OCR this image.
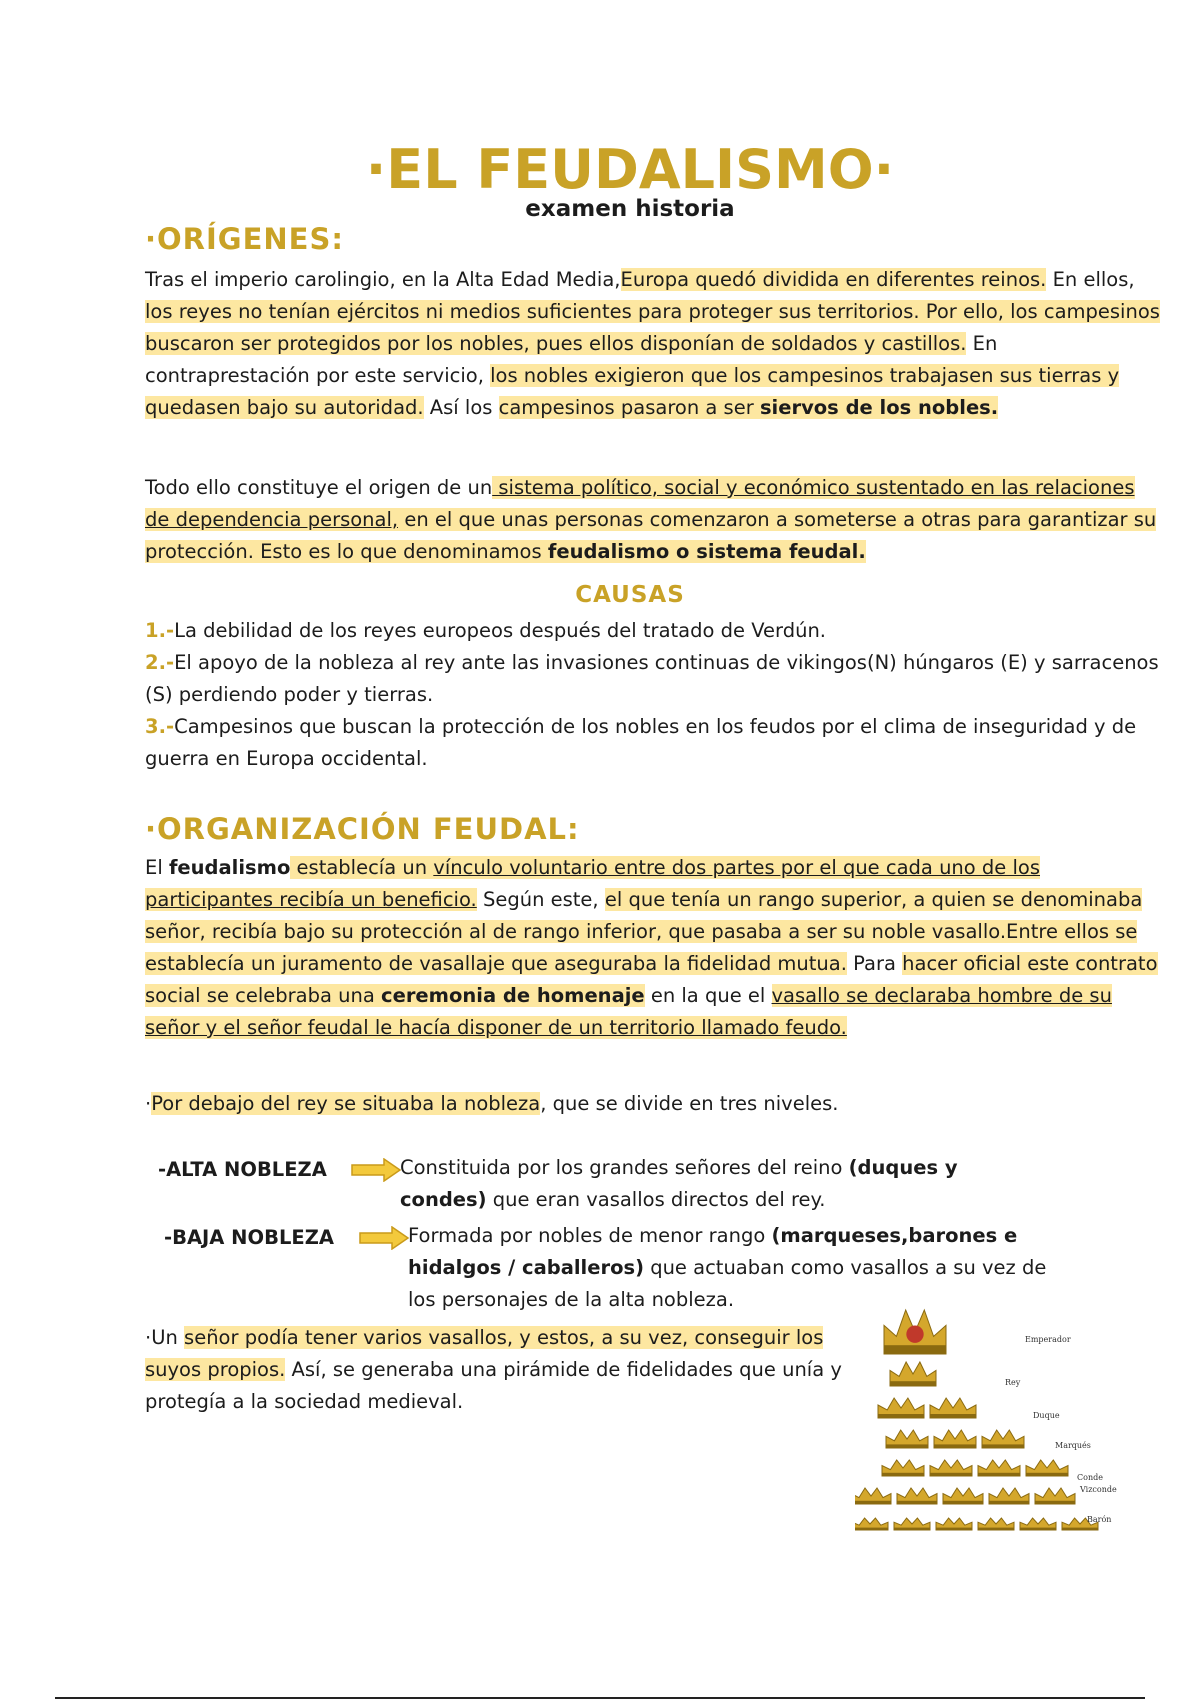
·EL FEUDALISMO·
examen historia
·ORÍGENES:
Tras el imperio carolingio, en la Alta Edad Media,Europa quedó dividida en diferentes reinos. En ellos, los reyes no tenían ejércitos ni medios suficientes para proteger sus territorios. Por ello, los campesinos buscaron ser protegidos por los nobles, pues ellos disponían de soldados y castillos. En contraprestación por este servicio, los nobles exigieron que los campesinos trabajasen sus tierras y quedasen bajo su autoridad. Así los campesinos pasaron a ser siervos de los nobles.
Todo ello constituye el origen de un sistema político, social y económico sustentado en las relaciones de dependencia personal, en el que unas personas comenzaron a someterse a otras para garantizar su protección. Esto es lo que denominamos feudalismo o sistema feudal.
CAUSAS
1.-La debilidad de los reyes europeos después del tratado de Verdún.
2.-El apoyo de la nobleza al rey ante las invasiones continuas de vikingos(N) húngaros (E) y sarracenos (S) perdiendo poder y tierras.
3.-Campesinos que buscan la protección de los nobles en los feudos por el clima de inseguridad y de guerra en Europa occidental.
·ORGANIZACIÓN FEUDAL:
El feudalismo establecía un vínculo voluntario entre dos partes por el que cada uno de los participantes recibía un beneficio. Según este, el que tenía un rango superior, a quien se denominaba señor, recibía bajo su protección al de rango inferior, que pasaba a ser su noble vasallo.Entre ellos se establecía un juramento de vasallaje que aseguraba la fidelidad mutua. Para hacer oficial este contrato social se celebraba una ceremonia de homenaje en la que el vasallo se declaraba hombre de su señor y el señor feudal le hacía disponer de un territorio llamado feudo.
·Por debajo del rey se situaba la nobleza, que se divide en tres niveles.
-ALTA NOBLEZA	Constituida por los grandes señores del reino (duques y condes) que eran vasallos directos del rey.
-BAJA NOBLEZA	Formada por nobles de menor rango (marqueses,barones e hidalgos / caballeros) que actuaban como vasallos a su vez de los personajes de la alta nobleza.
·Un señor podía tener varios vasallos, y estos, a su vez, conseguir los suyos propios. Así, se generaba una pirámide de fidelidades que unía y protegía a la sociedad medieval.
Emperador
Rey
Duque
Marqués
Conde
Vizconde
Barón
